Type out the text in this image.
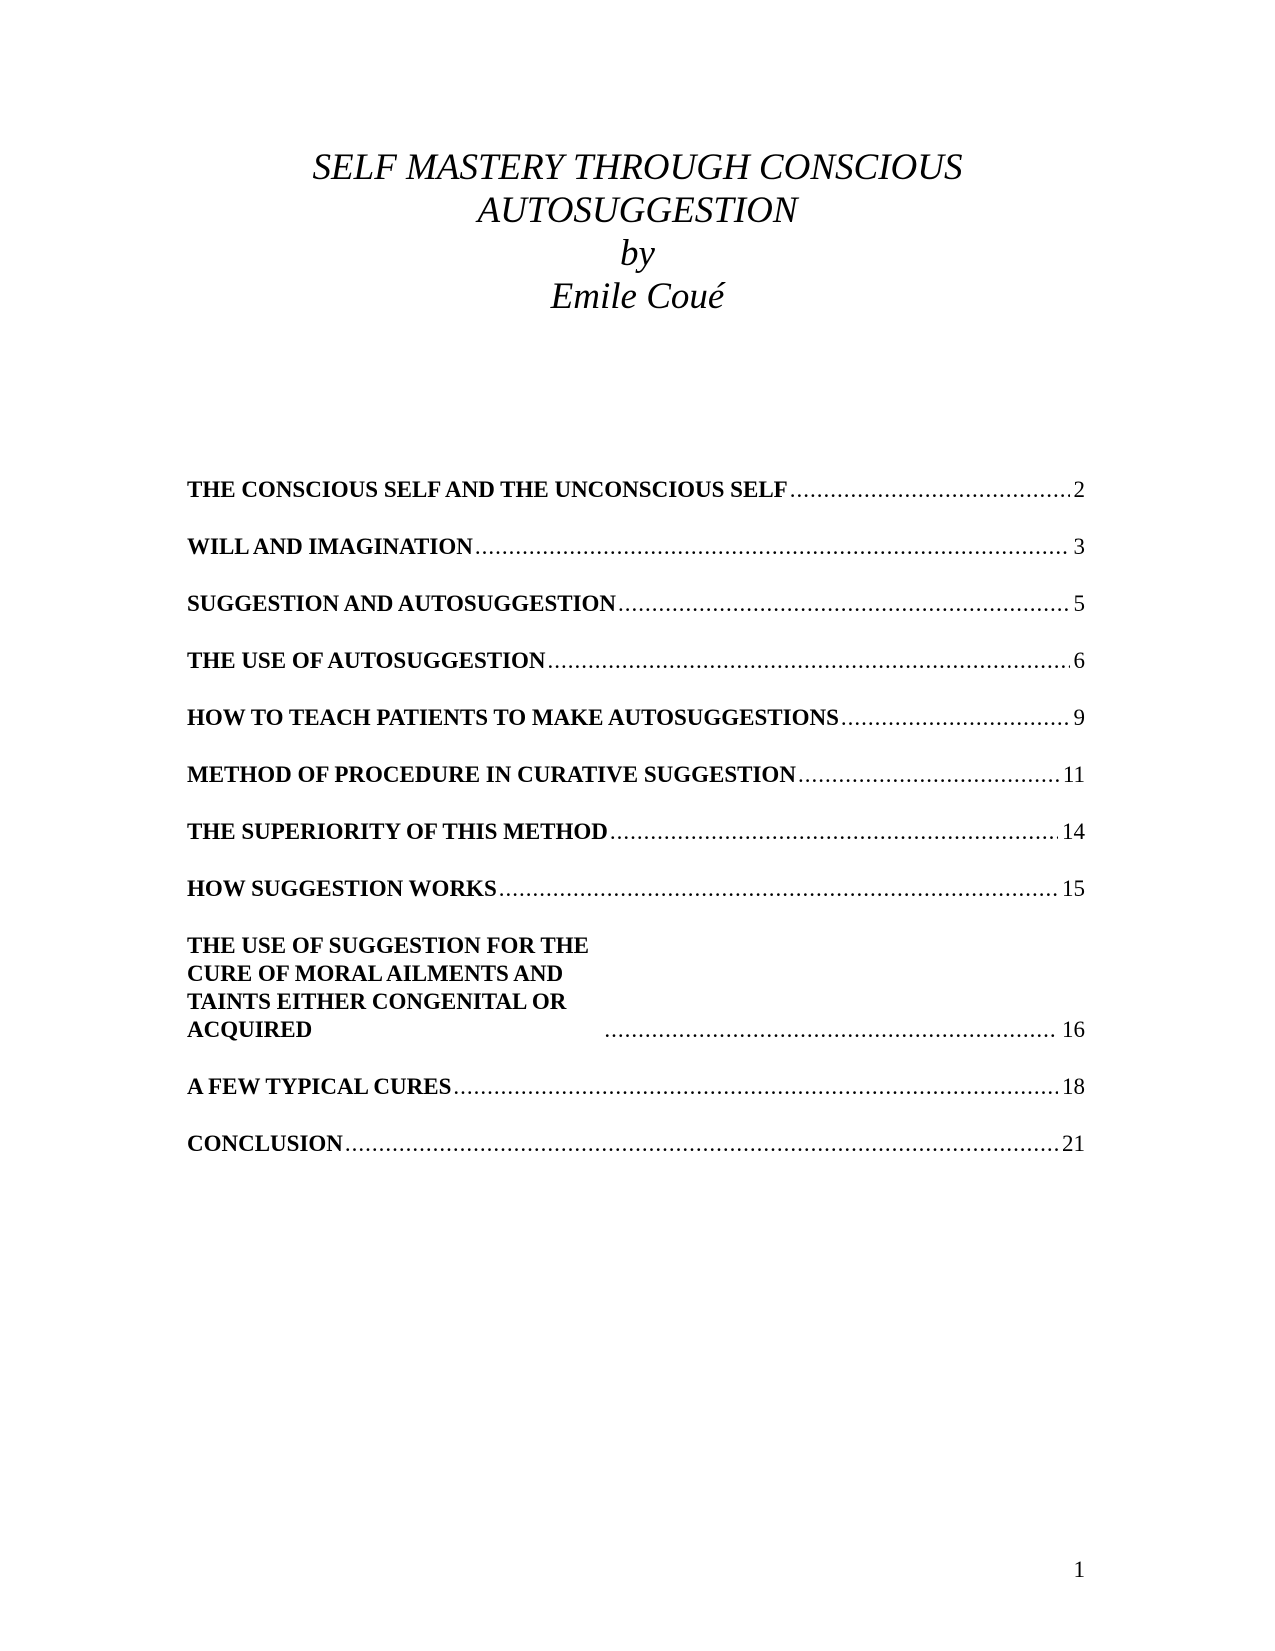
SELF MASTERY THROUGH CONSCIOUS
AUTOSUGGESTION
by
Emile Coué
THE CONSCIOUS SELF AND THE UNCONSCIOUS SELF .....	2
WILL AND IMAGINATION .....	3
SUGGESTION AND AUTOSUGGESTION .....	5
THE USE OF AUTOSUGGESTION .....	6
HOW TO TEACH PATIENTS TO MAKE AUTOSUGGESTIONS .....	9
METHOD OF PROCEDURE IN CURATIVE SUGGESTION .....	11
THE SUPERIORITY OF THIS METHOD .....	14
HOW SUGGESTION WORKS .....	15
THE USE OF SUGGESTION FOR THE CURE OF MORAL AILMENTS AND TAINTS EITHER CONGENITAL OR ACQUIRED .....	16
A FEW TYPICAL CURES .....	18
CONCLUSION .....	21
1
